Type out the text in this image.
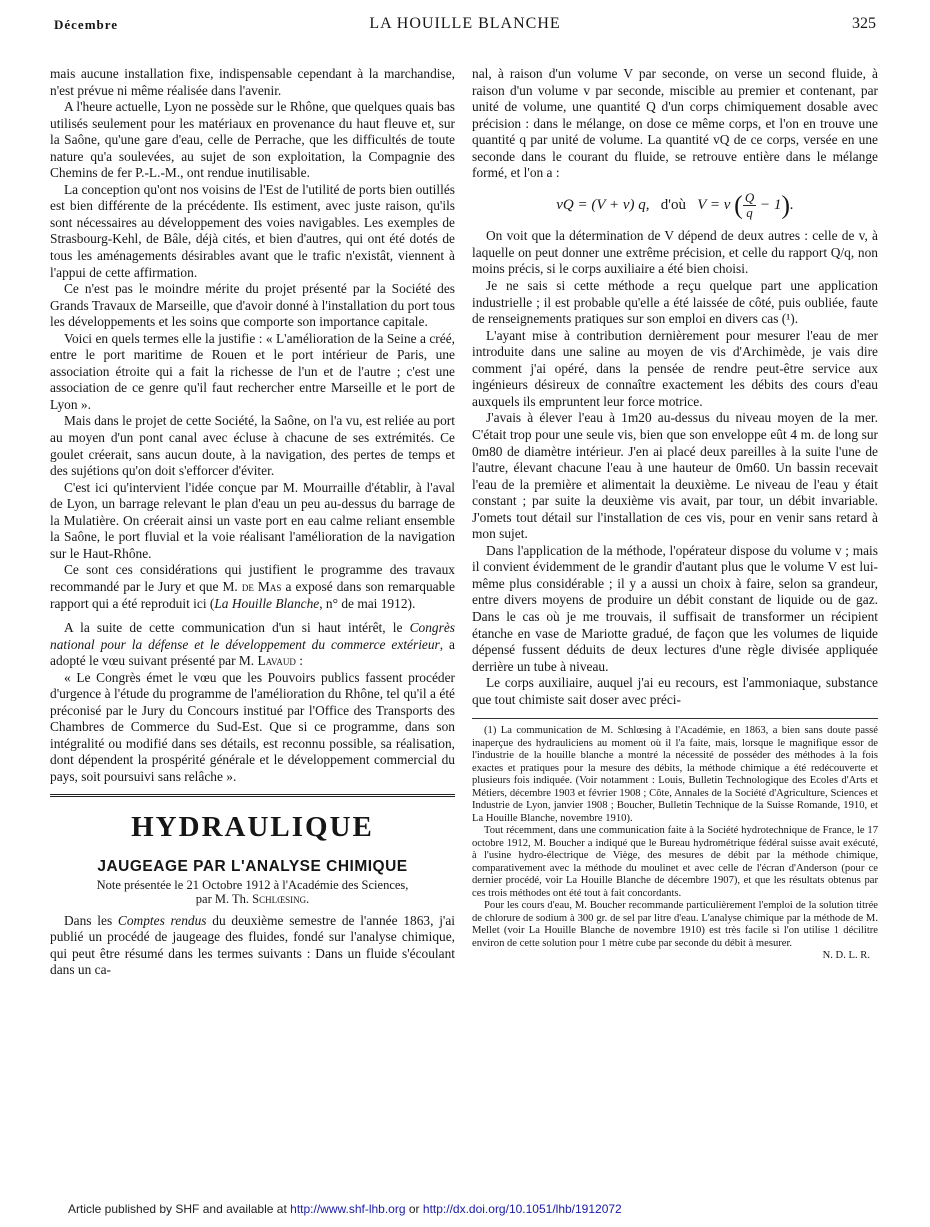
Décembre	LA HOUILLE BLANCHE	325

mais aucune installation fixe, indispensable cependant à la marchandise, n'est prévue ni même réalisée dans l'avenir.

A l'heure actuelle, Lyon ne possède sur le Rhône, que quelques quais bas utilisés seulement pour les matériaux en provenance du haut fleuve et, sur la Saône, qu'une gare d'eau, celle de Perrache, que les difficultés de toute nature qu'a soulevées, au sujet de son exploitation, la Compagnie des Chemins de fer P.-L.-M., ont rendue inutilisable.

La conception qu'ont nos voisins de l'Est de l'utilité de ports bien outillés est bien différente de la précédente. Ils estiment, avec juste raison, qu'ils sont nécessaires au développement des voies navigables. Les exemples de Strasbourg-Kehl, de Bâle, déjà cités, et bien d'autres, qui ont été dotés de tous les aménagements désirables avant que le trafic n'existât, viennent à l'appui de cette affirmation.

Ce n'est pas le moindre mérite du projet présenté par la Société des Grands Travaux de Marseille, que d'avoir donné à l'installation du port tous les développements et les soins que comporte son importance capitale.

Voici en quels termes elle la justifie : « L'amélioration de la Seine a créé, entre le port maritime de Rouen et le port intérieur de Paris, une association étroite qui a fait la richesse de l'un et de l'autre ; c'est une association de ce genre qu'il faut rechercher entre Marseille et le port de Lyon ».

Mais dans le projet de cette Société, la Saône, on l'a vu, est reliée au port au moyen d'un pont canal avec écluse à chacune de ses extrémités. Ce goulet créerait, sans aucun doute, à la navigation, des pertes de temps et des sujétions qu'on doit s'efforcer d'éviter.

C'est ici qu'intervient l'idée conçue par M. Mourraille d'établir, à l'aval de Lyon, un barrage relevant le plan d'eau un peu au-dessus du barrage de la Mulatière. On créerait ainsi un vaste port en eau calme reliant ensemble la Saône, le port fluvial et la voie réalisant l'amélioration de la navigation sur le Haut-Rhône.

Ce sont ces considérations qui justifient le programme des travaux recommandé par le Jury et que M. de Mas a exposé dans son remarquable rapport qui a été reproduit ici (La Houille Blanche, n° de mai 1912).

A la suite de cette communication d'un si haut intérêt, le Congrès national pour la défense et le développement du commerce extérieur, a adopté le vœu suivant présenté par M. Lavaud :

« Le Congrès émet le vœu que les Pouvoirs publics fassent procéder d'urgence à l'étude du programme de l'amélioration du Rhône, tel qu'il a été préconisé par le Jury du Concours institué par l'Office des Transports des Chambres de Commerce du Sud-Est. Que si ce programme, dans son intégralité ou modifié dans ses détails, est reconnu possible, sa réalisation, dont dépendent la prospérité générale et le développement commercial du pays, soit poursuivi sans relâche ».

HYDRAULIQUE
JAUGEAGE PAR L'ANALYSE CHIMIQUE
Note présentée le 21 Octobre 1912 à l'Académie des Sciences,
par M. Th. Schlœsing.

Dans les Comptes rendus du deuxième semestre de l'année 1863, j'ai publié un procédé de jaugeage des fluides, fondé sur l'analyse chimique, qui peut être résumé dans les termes suivants : Dans un fluide s'écoulant dans un ca-

nal, à raison d'un volume V par seconde, on verse un second fluide, à raison d'un volume v par seconde, miscible au premier et contenant, par unité de volume, une quantité Q d'un corps chimiquement dosable avec précision : dans le mélange, on dose ce même corps, et l'on en trouve une quantité q par unité de volume. La quantité vQ de ce corps, versée en une seconde dans le courant du fluide, se retrouve entière dans le mélange formé, et l'on a :

vQ = (V + v) q, d'où V = v ( $\frac{Q}{q} - 1$).

On voit que la détermination de V dépend de deux autres : celle de v, à laquelle on peut donner une extrême précision, et celle du rapport Q/q, non moins précis, si le corps auxiliaire a été bien choisi.

Je ne sais si cette méthode a reçu quelque part une application industrielle ; il est probable qu'elle a été laissée de côté, puis oubliée, faute de renseignements pratiques sur son emploi en divers cas (¹).

L'ayant mise à contribution dernièrement pour mesurer l'eau de mer introduite dans une saline au moyen de vis d'Archimède, je vais dire comment j'ai opéré, dans la pensée de rendre peut-être service aux ingénieurs désireux de connaître exactement les débits des cours d'eau auxquels ils empruntent leur force motrice.

J'avais à élever l'eau à 1m20 au-dessus du niveau moyen de la mer. C'était trop pour une seule vis, bien que son enveloppe eût 4 m. de long sur 0m80 de diamètre intérieur. J'en ai placé deux pareilles à la suite l'une de l'autre, élevant chacune l'eau à une hauteur de 0m60. Un bassin recevait l'eau de la première et alimentait la deuxième. Le niveau de l'eau y était constant ; par suite la deuxième vis avait, par tour, un débit invariable. J'omets tout détail sur l'installation de ces vis, pour en venir sans retard à mon sujet.

Dans l'application de la méthode, l'opérateur dispose du volume v ; mais il convient évidemment de le grandir d'autant plus que le volume V est lui-même plus considérable ; il y a aussi un choix à faire, selon sa grandeur, entre divers moyens de produire un débit constant de liquide ou de gaz. Dans le cas où je me trouvais, il suffisait de transformer un récipient étanche en vase de Mariotte gradué, de façon que les volumes de liquide dépensé fussent déduits de deux lectures d'une règle divisée appliquée derrière un tube à niveau.

Le corps auxiliaire, auquel j'ai eu recours, est l'ammoniaque, substance que tout chimiste sait doser avec préci-

(1) La communication de M. Schlœsing à l'Académie, en 1863, a bien sans doute passé inaperçue des hydrauliciens au moment où il l'a faite, mais, lorsque le magnifique essor de l'industrie de la houille blanche a montré la nécessité de posséder des méthodes à la fois exactes et pratiques pour la mesure des débits, la méthode chimique a été redécouverte et plusieurs fois indiquée. (Voir notamment : Louis, Bulletin Technologique des Ecoles d'Arts et Métiers, décembre 1903 et février 1908 ; Côte, Annales de la Société d'Agriculture, Sciences et Industrie de Lyon, janvier 1908 ; Boucher, Bulletin Technique de la Suisse Romande, 1910, et La Houille Blanche, novembre 1910).

Tout récemment, dans une communication faite à la Société hydrotechnique de France, le 17 octobre 1912, M. Boucher a indiqué que le Bureau hydrométrique fédéral suisse avait exécuté, à l'usine hydro-électrique de Viège, des mesures de débit par la méthode chimique, comparativement avec la méthode du moulinet et avec celle de l'écran d'Anderson (pour ce dernier procédé, voir La Houille Blanche de décembre 1907), et que les résultats obtenus par ces trois méthodes ont été tout à fait concordants.

Pour les cours d'eau, M. Boucher recommande particulièrement l'emploi de la solution titrée de chlorure de sodium à 300 gr. de sel par litre d'eau. L'analyse chimique par la méthode de M. Mellet (voir La Houille Blanche de novembre 1910) est très facile si l'on utilise 1 décilitre environ de cette solution pour 1 mètre cube par seconde du débit à mesurer.

N. D. L. R.
Article published by SHF and available at http://www.shf-lhb.org or http://dx.doi.org/10.1051/lhb/1912072
